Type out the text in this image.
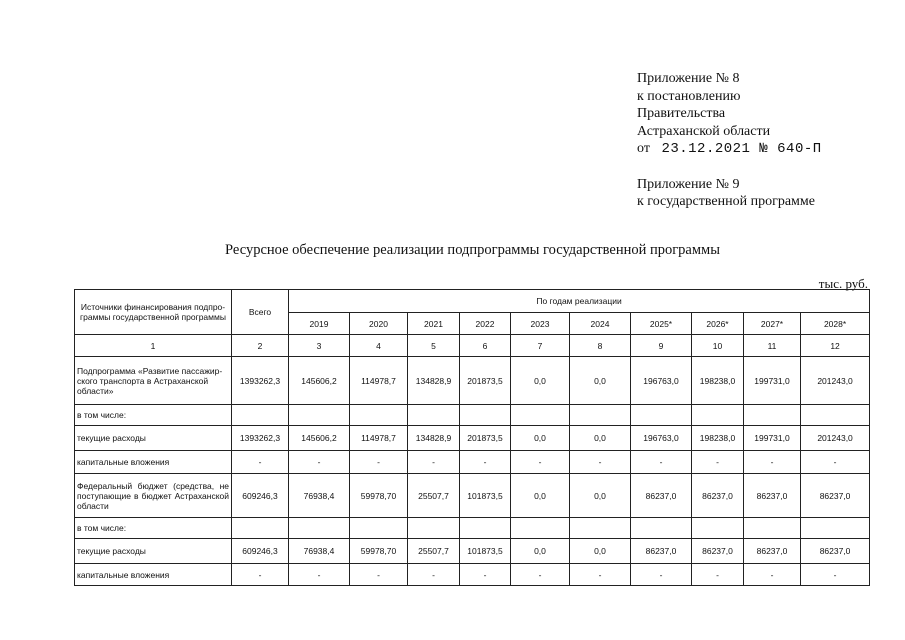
Приложение № 8
к постановлению
Правительства
Астраханской области
от 23.12.2021 № 640-П
Приложение № 9
к государственной программе
Ресурсное обеспечение реализации подпрограммы государственной программы
тыс. руб.
Источники финансирования подпрограммы государственной программы	Всего	По годам реализации									
		2019	2020	2021	2022	2023	2024	2025*	2026*	2027*	2028*
1	2	3	4	5	6	7	8	9	10	11	12
Подпрограмма «Развитие пассажирского транспорта в Астраханской области»	1393262,3	145606,2	114978,7	134828,9	201873,5	0,0	0,0	196763,0	198238,0	199731,0	201243,0
в том числе:											
текущие расходы	1393262,3	145606,2	114978,7	134828,9	201873,5	0,0	0,0	196763,0	198238,0	199731,0	201243,0
капитальные вложения	-	-	-	-	-	-	-	-	-	-	-
Федеральный бюджет (средства, не поступающие в бюджет Астраханской области	609246,3	76938,4	59978,70	25507,7	101873,5	0,0	0,0	86237,0	86237,0	86237,0	86237,0
в том числе:											
текущие расходы	609246,3	76938,4	59978,70	25507,7	101873,5	0,0	0,0	86237,0	86237,0	86237,0	86237,0
капитальные вложения	-	-	-	-	-	-	-	-	-	-	-
